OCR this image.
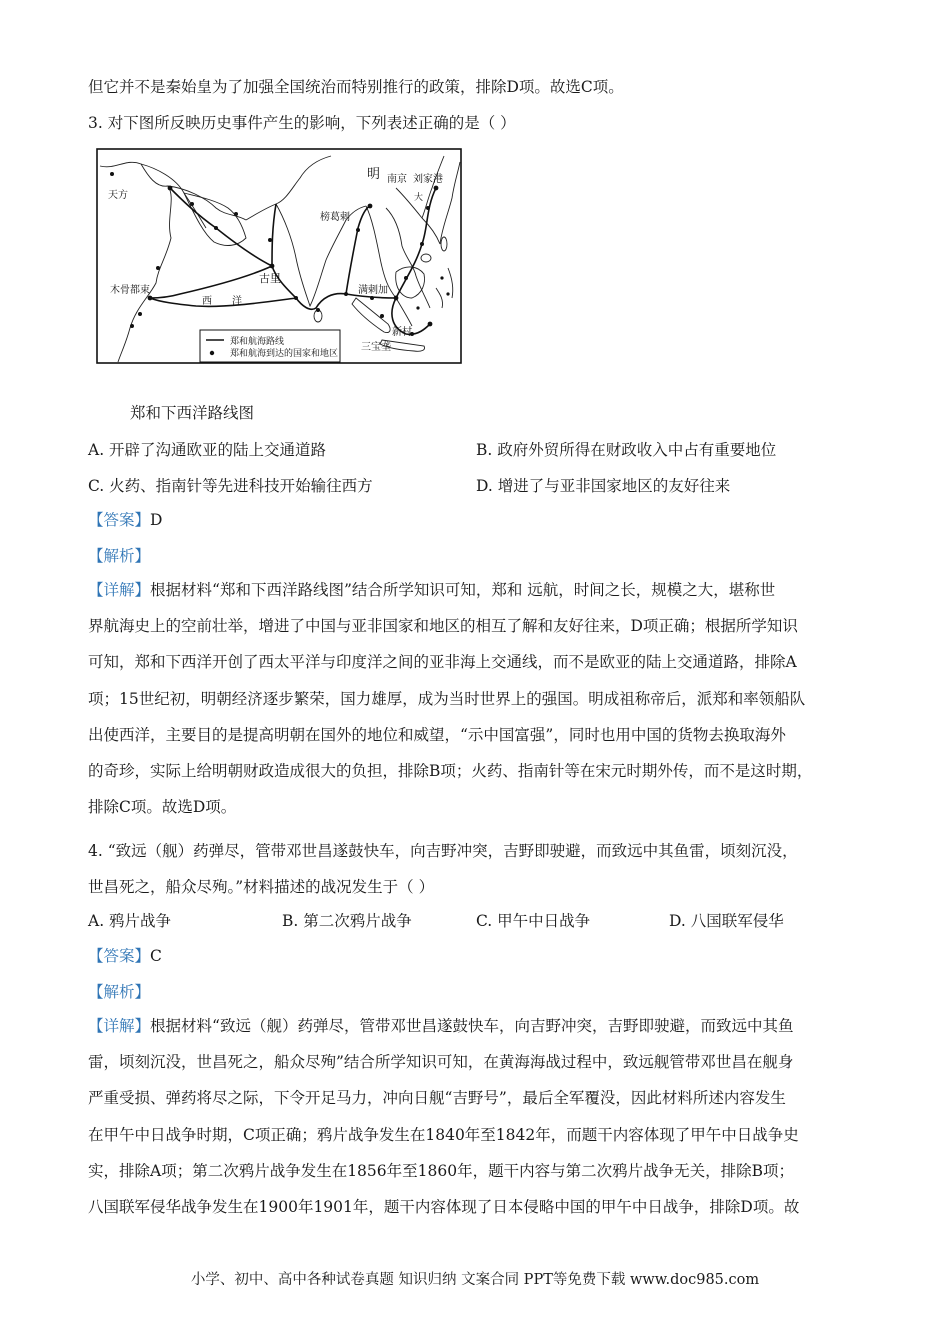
但它并不是秦始皇为了加强全国统治而特别推行的政策，排除D项。故选C项。
3. 对下图所反映历史事件产生的影响，下列表述正确的是（ ）
明 南京 刘家港
大
天方
榜葛剌
古里
木骨都束
西 洋
满剌加
新村
三宝垄
郑和航海路线
郑和航海到达的国家和地区
郑和下西洋路线图
A. 开辟了沟通欧亚的陆上交通道路	B. 政府外贸所得在财政收入中占有重要地位
C. 火药、指南针等先进科技开始输往西方	D. 增进了与亚非国家地区的友好往来
【答案】D
【解析】
【详解】根据材料“郑和下西洋路线图”结合所学知识可知，郑和 远航，时间之长，规模之大，堪称世
界航海史上的空前壮举，增进了中国与亚非国家和地区的相互了解和友好往来，D项正确；根据所学知识
可知，郑和下西洋开创了西太平洋与印度洋之间的亚非海上交通线，而不是欧亚的陆上交通道路，排除A
项；15世纪初，明朝经济逐步繁荣，国力雄厚，成为当时世界上的强国。明成祖称帝后，派郑和率领船队
出使西洋，主要目的是提高明朝在国外的地位和威望，“示中国富强”，同时也用中国的货物去换取海外
的奇珍，实际上给明朝财政造成很大的负担，排除B项；火药、指南针等在宋元时期外传，而不是这时期，
排除C项。故选D项。
4. “致远（舰）药弹尽，管带邓世昌遂鼓快车，向吉野冲突，吉野即驶避，而致远中其鱼雷，顷刻沉没，
世昌死之，船众尽殉。”材料描述的战况发生于（ ）
A. 鸦片战争	B. 第二次鸦片战争	C. 甲午中日战争	D. 八国联军侵华
【答案】C
【解析】
【详解】根据材料“致远（舰）药弹尽，管带邓世昌遂鼓快车，向吉野冲突，吉野即驶避，而致远中其鱼
雷，顷刻沉没，世昌死之，船众尽殉”结合所学知识可知，在黄海海战过程中，致远舰管带邓世昌在舰身
严重受损、弹药将尽之际，下令开足马力，冲向日舰“吉野号”，最后全军覆没，因此材料所述内容发生
在甲午中日战争时期，C项正确；鸦片战争发生在1840年至1842年，而题干内容体现了甲午中日战争史
实，排除A项；第二次鸦片战争发生在1856年至1860年，题干内容与第二次鸦片战争无关，排除B项；
八国联军侵华战争发生在1900年1901年，题干内容体现了日本侵略中国的甲午中日战争，排除D项。故
小学、初中、高中各种试卷真题 知识归纳 文案合同 PPT等免费下载 www.doc985.com
